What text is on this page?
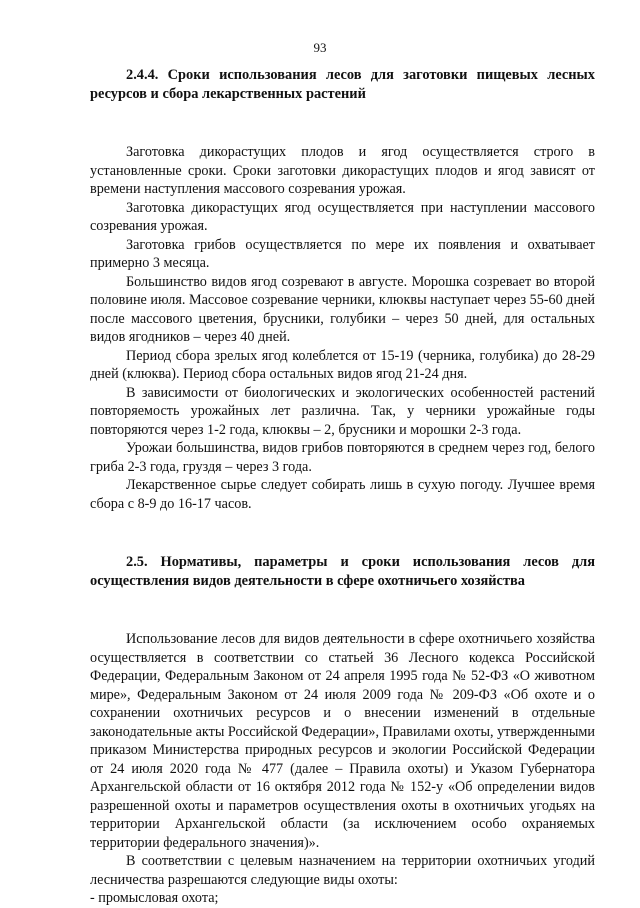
93

2.4.4. Сроки использования лесов для заготовки пищевых лесных ресурсов и сбора лекарственных растений

Заготовка дикорастущих плодов и ягод осуществляется строго в установленные сроки. Сроки заготовки дикорастущих плодов и ягод зависят от времени наступления массового созревания урожая.

Заготовка дикорастущих ягод осуществляется при наступлении массового созревания урожая.

Заготовка грибов осуществляется по мере их появления и охватывает примерно 3 месяца.

Большинство видов ягод созревают в августе. Морошка созревает во второй половине июля. Массовое созревание черники, клюквы наступает через 55-60 дней после массового цветения, брусники, голубики – через 50 дней, для остальных видов ягодников – через 40 дней.

Период сбора зрелых ягод колеблется от 15-19 (черника, голубика) до 28-29 дней (клюква). Период сбора остальных видов ягод 21-24 дня.

В зависимости от биологических и экологических особенностей растений повторяемость урожайных лет различна. Так, у черники урожайные годы повторяются через 1-2 года, клюквы – 2, брусники и морошки 2-3 года.

Урожаи большинства, видов грибов повторяются в среднем через год, белого гриба 2-3 года, груздя – через 3 года.

Лекарственное сырье следует собирать лишь в сухую погоду. Лучшее время сбора с 8-9 до 16-17 часов.

2.5. Нормативы, параметры и сроки использования лесов для осуществления видов деятельности в сфере охотничьего хозяйства

Использование лесов для видов деятельности в сфере охотничьего хозяйства осуществляется в соответствии со статьей 36 Лесного кодекса Российской Федерации, Федеральным Законом от 24 апреля 1995 года № 52-ФЗ «О животном мире», Федеральным Законом от 24 июля 2009 года № 209-ФЗ «Об охоте и о сохранении охотничьих ресурсов и о внесении изменений в отдельные законодательные акты Российской Федерации», Правилами охоты, утвержденными приказом Министерства природных ресурсов и экологии Российской Федерации от 24 июля 2020 года № 477 (далее – Правила охоты) и Указом Губернатора Архангельской области от 16 октября 2012 года № 152-у «Об определении видов разрешенной охоты и параметров осуществления охоты в охотничьих угодьях на территории Архангельской области (за исключением особо охраняемых территории федерального значения)».

В соответствии с целевым назначением на территории охотничьих угодий лесничества разрешаются следующие виды охоты:

- промысловая охота;
